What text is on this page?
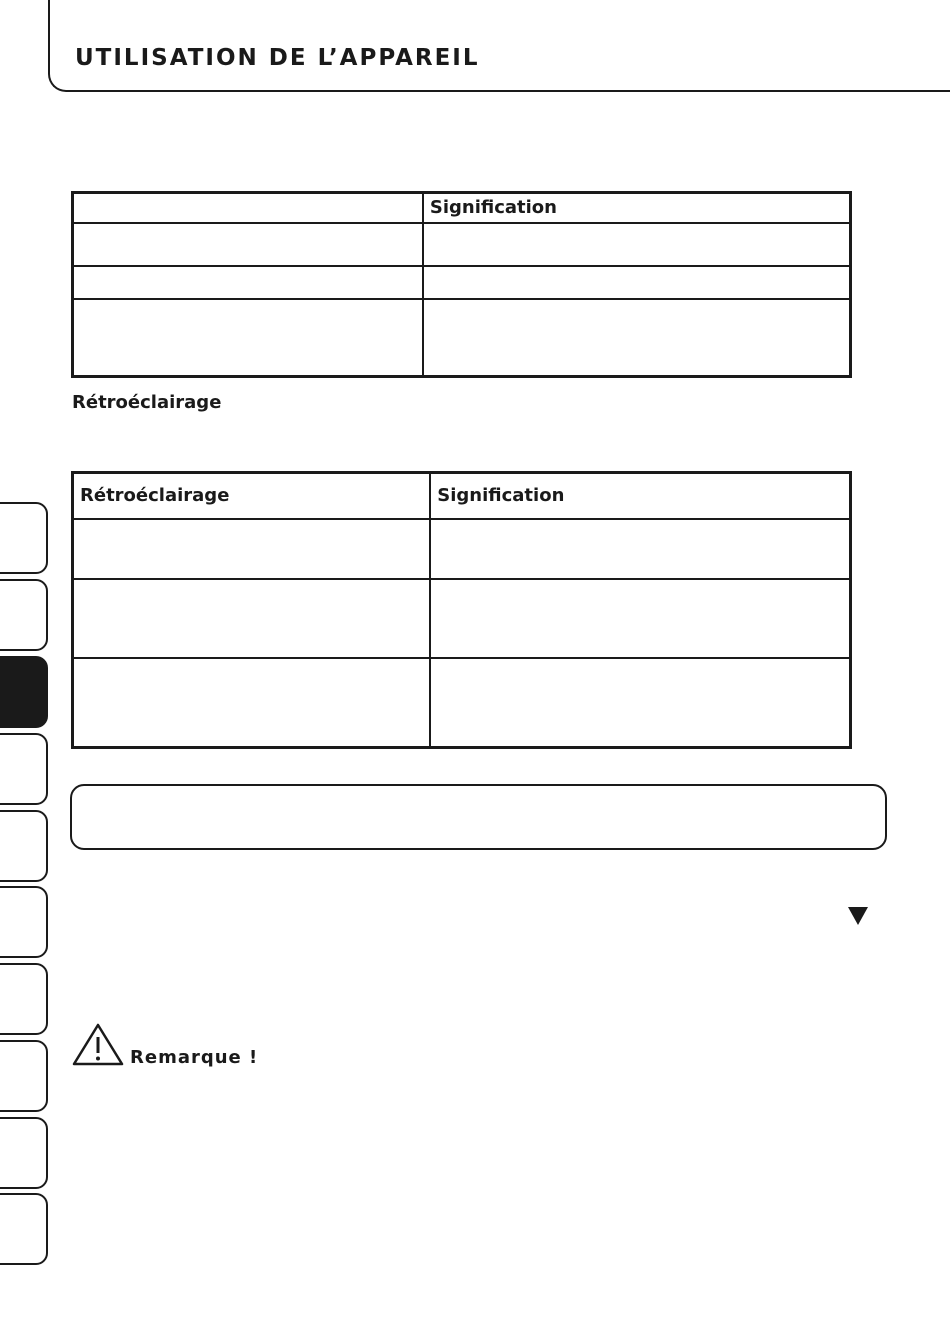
UTILISATION DE L’APPAREIL
	Signification

Rétroéclairage
Rétroéclairage	Signification

Remarque !
